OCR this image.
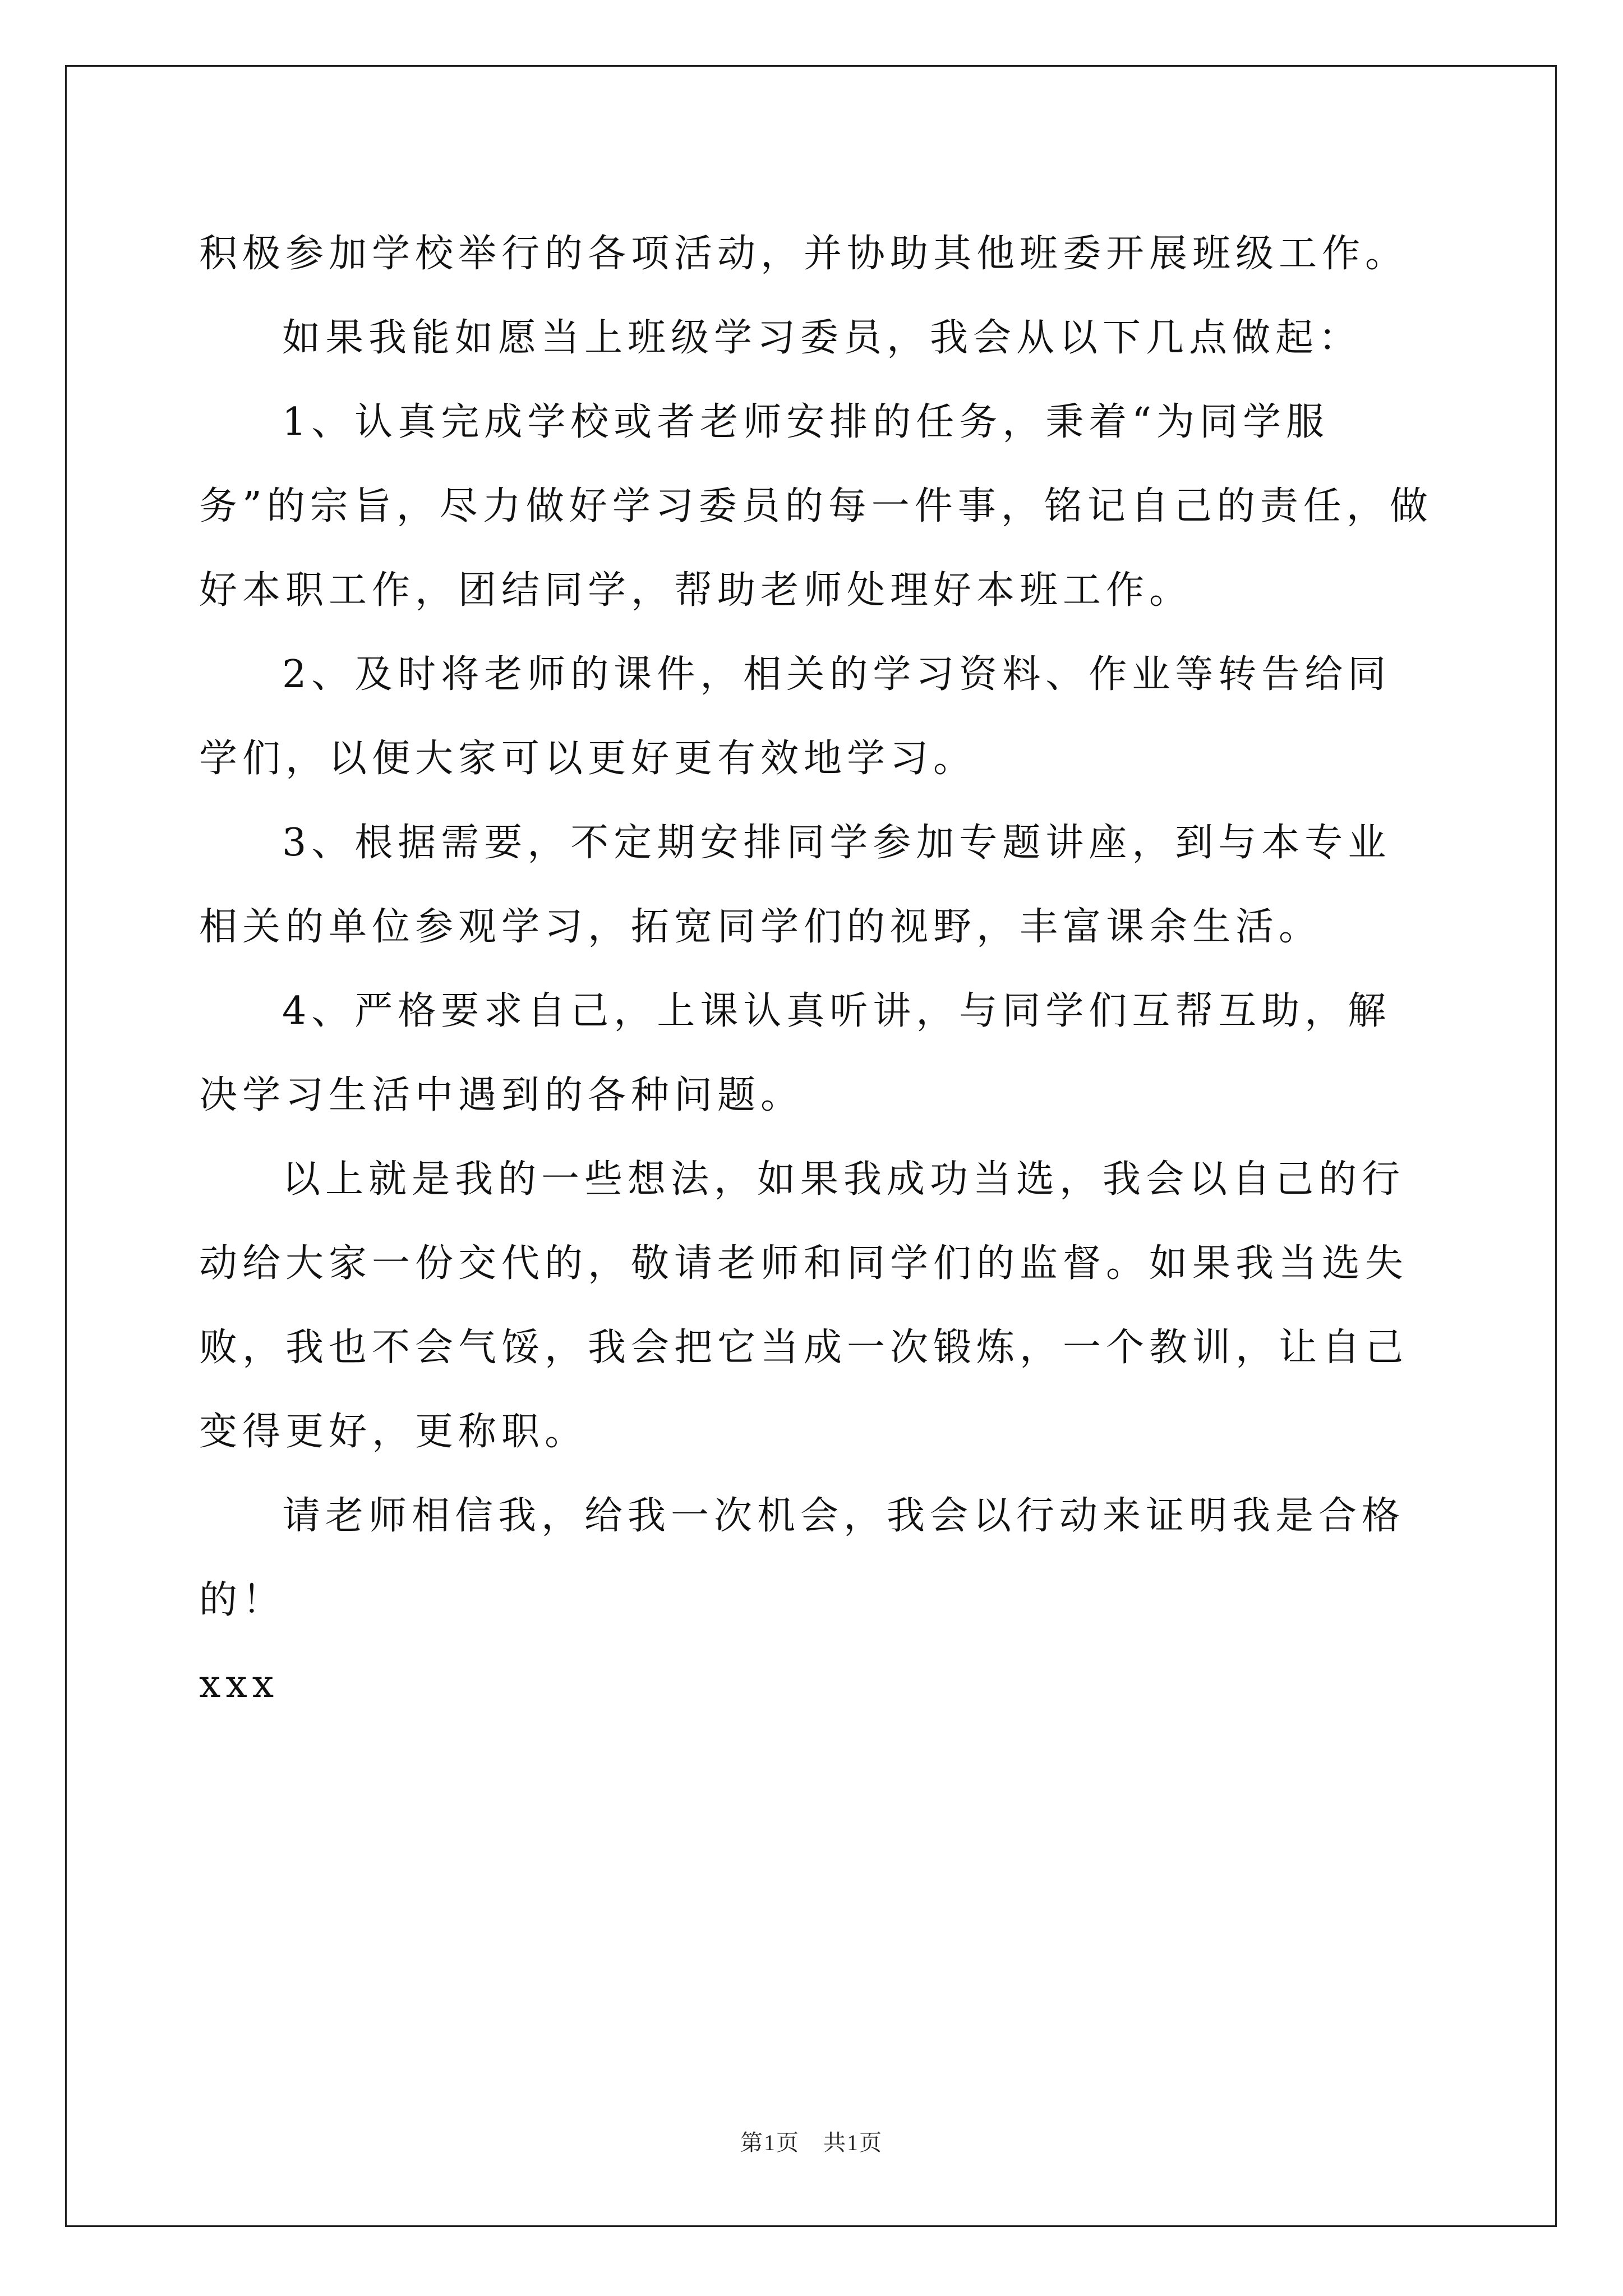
积极参加学校举行的各项活动，并协助其他班委开展班级工作。

如果我能如愿当上班级学习委员，我会从以下几点做起：

1、认真完成学校或者老师安排的任务，秉着“为同学服务”的宗旨，尽力做好学习委员的每一件事，铭记自己的责任，做好本职工作，团结同学，帮助老师处理好本班工作。

2、及时将老师的课件，相关的学习资料、作业等转告给同学们，以便大家可以更好更有效地学习。

3、根据需要，不定期安排同学参加专题讲座，到与本专业相关的单位参观学习，拓宽同学们的视野，丰富课余生活。

4、严格要求自己，上课认真听讲，与同学们互帮互助，解决学习生活中遇到的各种问题。

以上就是我的一些想法，如果我成功当选，我会以自己的行动给大家一份交代的，敬请老师和同学们的监督。如果我当选失败，我也不会气馁，我会把它当成一次锻炼，一个教训，让自己变得更好，更称职。

请老师相信我，给我一次机会，我会以行动来证明我是合格的！

xxx

第1页　共1页
